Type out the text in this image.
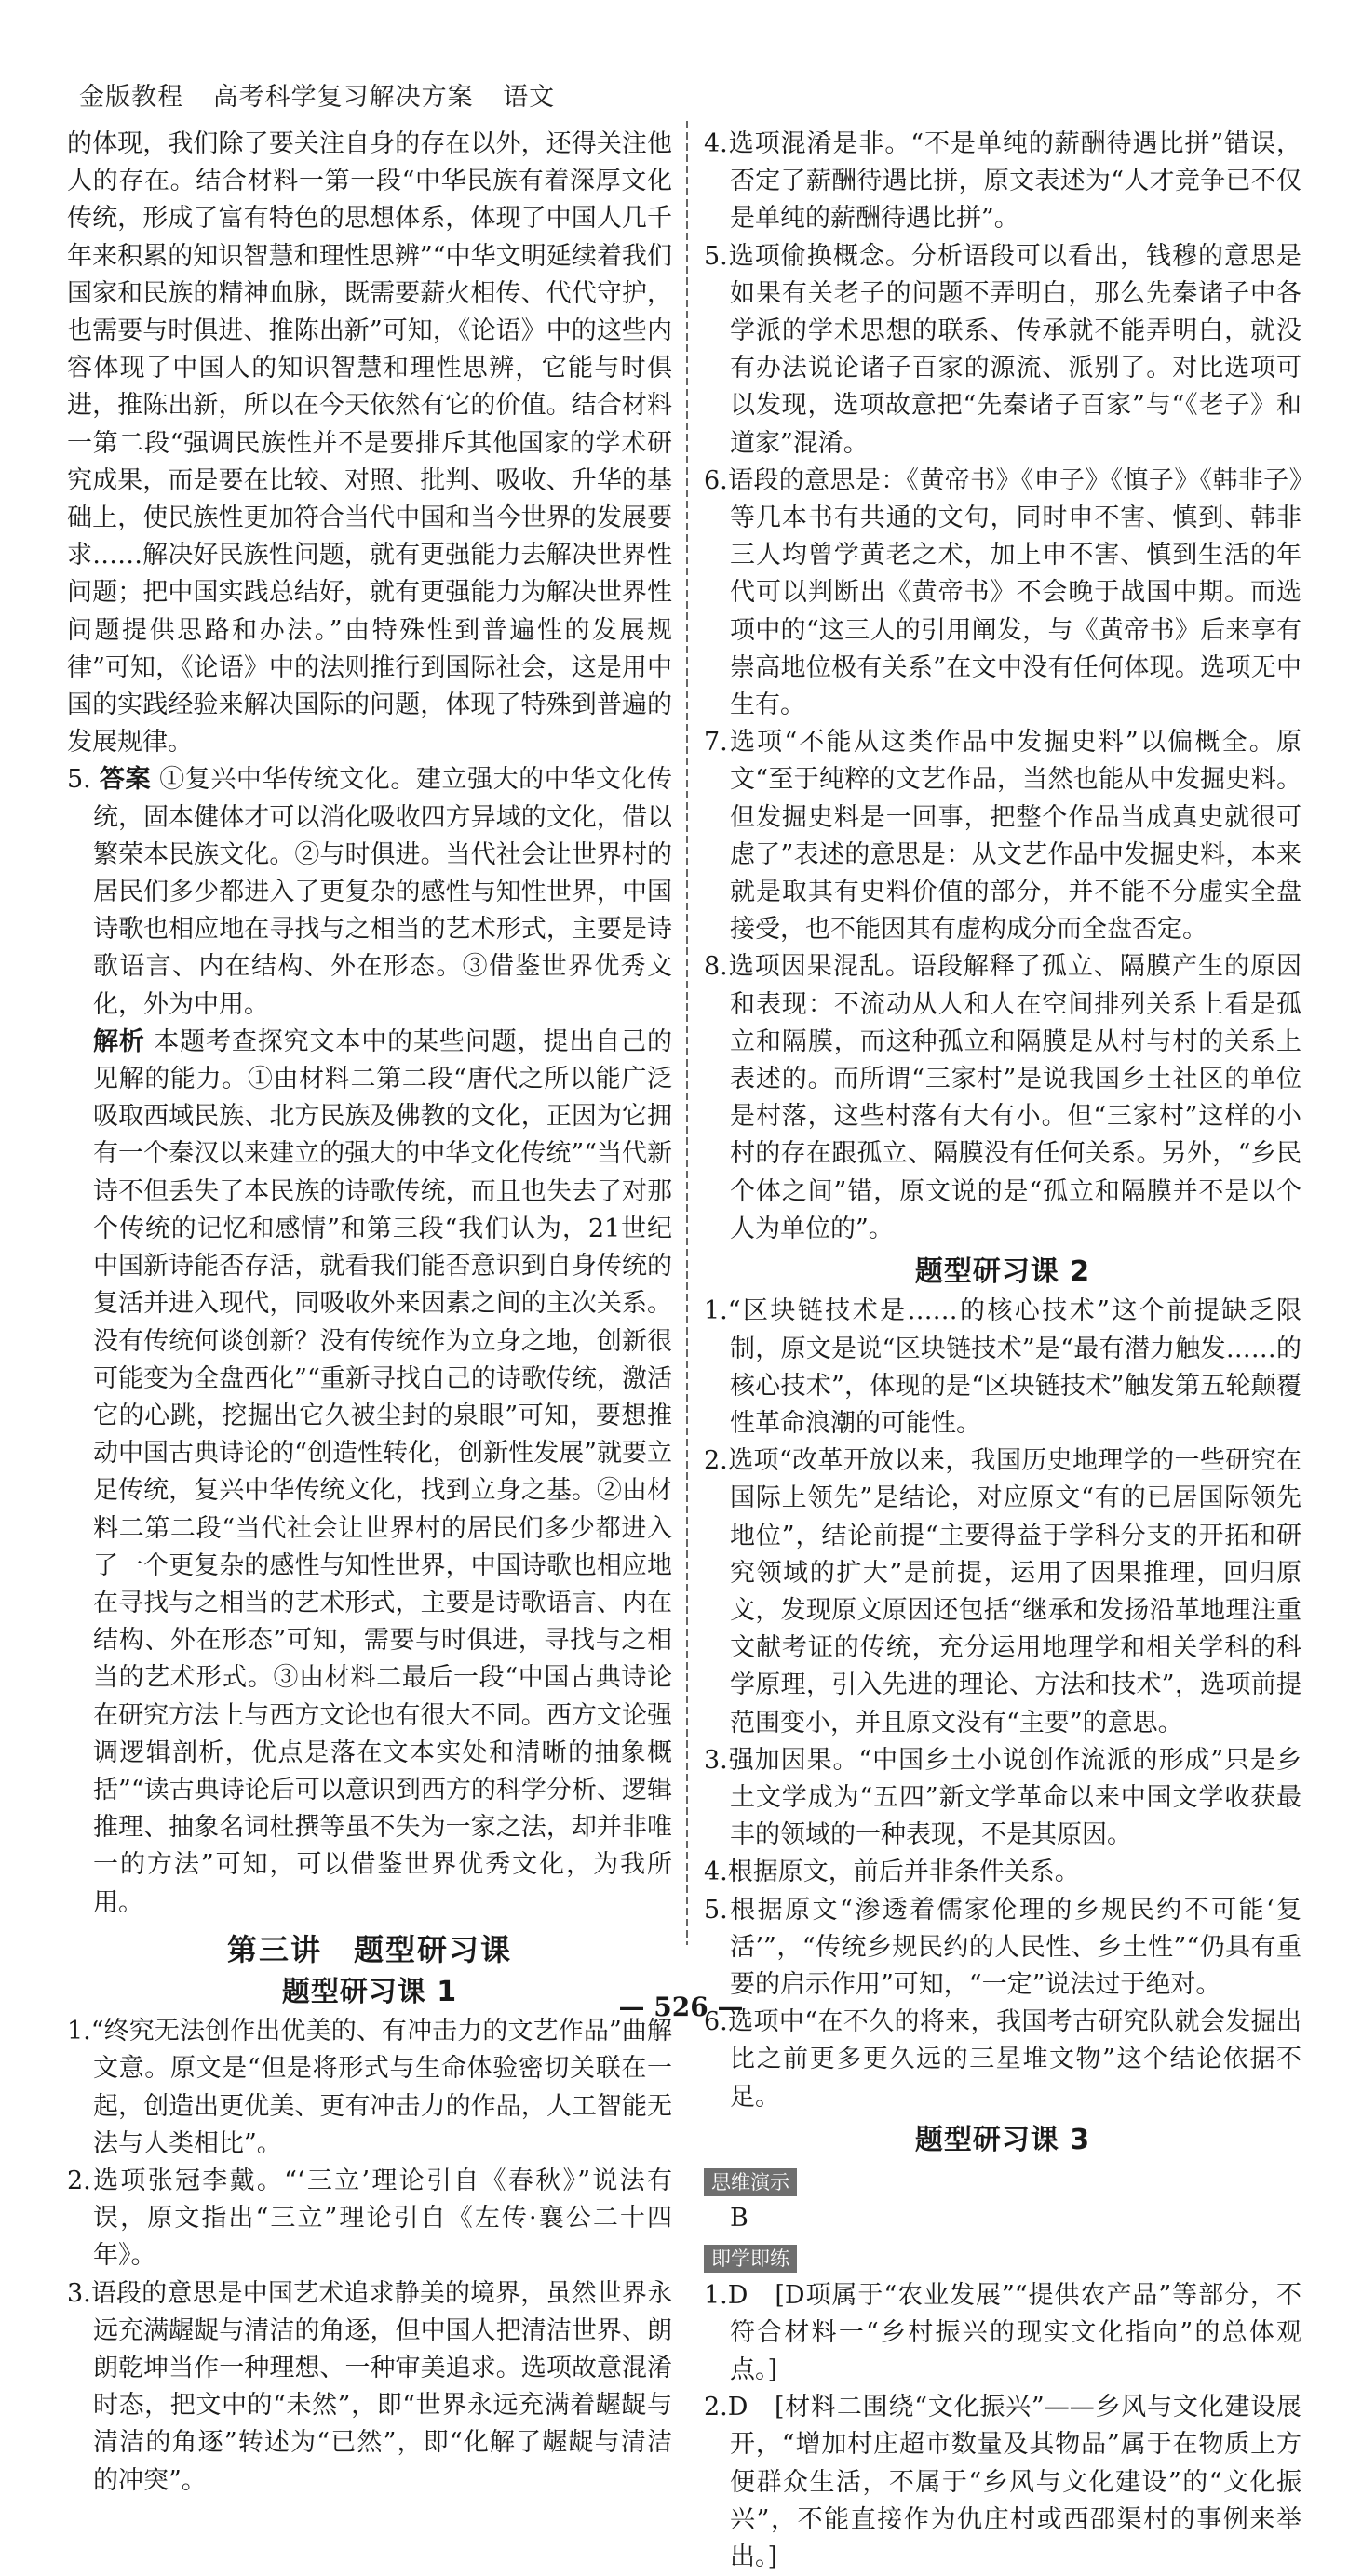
金版教程 高考科学复习解决方案 语文

的体现，我们除了要关注自身的存在以外，还得关注他人的存在。结合材料一第一段“中华民族有着深厚文化传统，形成了富有特色的思想体系，体现了中国人几千年来积累的知识智慧和理性思辨”“中华文明延续着我们国家和民族的精神血脉，既需要薪火相传、代代守护，也需要与时俱进、推陈出新”可知，《论语》中的这些内容体现了中国人的知识智慧和理性思辨，它能与时俱进，推陈出新，所以在今天依然有它的价值。结合材料一第二段“强调民族性并不是要排斥其他国家的学术研究成果，而是要在比较、对照、批判、吸收、升华的基础上，使民族性更加符合当代中国和当今世界的发展要求……解决好民族性问题，就有更强能力去解决世界性问题；把中国实践总结好，就有更强能力为解决世界性问题提供思路和办法。”由特殊性到普遍性的发展规律”可知，《论语》中的法则推行到国际社会，这是用中国的实践经验来解决国际的问题，体现了特殊到普遍的发展规律。

5. 答案 ①复兴中华传统文化。建立强大的中华文化传统，固本健体才可以消化吸收四方异域的文化，借以繁荣本民族文化。②与时俱进。当代社会让世界村的居民们多少都进入了更复杂的感性与知性世界，中国诗歌也相应地在寻找与之相当的艺术形式，主要是诗歌语言、内在结构、外在形态。③借鉴世界优秀文化，外为中用。

解析 本题考查探究文本中的某些问题，提出自己的见解的能力。①由材料二第二段“唐代之所以能广泛吸取西域民族、北方民族及佛教的文化，正因为它拥有一个秦汉以来建立的强大的中华文化传统”“当代新诗不但丢失了本民族的诗歌传统，而且也失去了对那个传统的记忆和感情”和第三段“我们认为，21世纪中国新诗能否存活，就看我们能否意识到自身传统的复活并进入现代，同吸收外来因素之间的主次关系。没有传统何谈创新？没有传统作为立身之地，创新很可能变为全盘西化”“重新寻找自己的诗歌传统，激活它的心跳，挖掘出它久被尘封的泉眼”可知，要想推动中国古典诗论的“创造性转化，创新性发展”就要立足传统，复兴中华传统文化，找到立身之基。②由材料二第二段“当代社会让世界村的居民们多少都进入了一个更复杂的感性与知性世界，中国诗歌也相应地在寻找与之相当的艺术形式，主要是诗歌语言、内在结构、外在形态”可知，需要与时俱进，寻找与之相当的艺术形式。③由材料二最后一段“中国古典诗论在研究方法上与西方文论也有很大不同。西方文论强调逻辑剖析，优点是落在文本实处和清晰的抽象概括”“读古典诗论后可以意识到西方的科学分析、逻辑推理、抽象名词杜撰等虽不失为一家之法，却并非唯一的方法”可知，可以借鉴世界优秀文化，为我所用。

第三讲　题型研习课
题型研习课 1

1.“终究无法创作出优美的、有冲击力的文艺作品”曲解文意。原文是“但是将形式与生命体验密切关联在一起，创造出更优美、更有冲击力的作品，人工智能无法与人类相比”。

2.选项张冠李戴。“‘三立’理论引自《春秋》”说法有误，原文指出“三立”理论引自《左传·襄公二十四年》。

3.语段的意思是中国艺术追求静美的境界，虽然世界永远充满龌龊与清洁的角逐，但中国人把清洁世界、朗朗乾坤当作一种理想、一种审美追求。选项故意混淆时态，把文中的“未然”，即“世界永远充满着龌龊与清洁的角逐”转述为“已然”，即“化解了龌龊与清洁的冲突”。

4.选项混淆是非。“不是单纯的薪酬待遇比拼”错误，否定了薪酬待遇比拼，原文表述为“人才竞争已不仅是单纯的薪酬待遇比拼”。

5.选项偷换概念。分析语段可以看出，钱穆的意思是如果有关老子的问题不弄明白，那么先秦诸子中各学派的学术思想的联系、传承就不能弄明白，就没有办法说论诸子百家的源流、派别了。对比选项可以发现，选项故意把“先秦诸子百家”与“《老子》和道家”混淆。

6.语段的意思是：《黄帝书》《申子》《慎子》《韩非子》等几本书有共通的文句，同时申不害、慎到、韩非三人均曾学黄老之术，加上申不害、慎到生活的年代可以判断出《黄帝书》不会晚于战国中期。而选项中的“这三人的引用阐发，与《黄帝书》后来享有崇高地位极有关系”在文中没有任何体现。选项无中生有。

7.选项“不能从这类作品中发掘史料”以偏概全。原文“至于纯粹的文艺作品，当然也能从中发掘史料。但发掘史料是一回事，把整个作品当成真史就很可虑了”表述的意思是：从文艺作品中发掘史料，本来就是取其有史料价值的部分，并不能不分虚实全盘接受，也不能因其有虚构成分而全盘否定。

8.选项因果混乱。语段解释了孤立、隔膜产生的原因和表现：不流动从人和人在空间排列关系上看是孤立和隔膜，而这种孤立和隔膜是从村与村的关系上表述的。而所谓“三家村”是说我国乡土社区的单位是村落，这些村落有大有小。但“三家村”这样的小村的存在跟孤立、隔膜没有任何关系。另外，“乡民个体之间”错，原文说的是“孤立和隔膜并不是以个人为单位的”。

题型研习课 2

1.“区块链技术是……的核心技术”这个前提缺乏限制，原文是说“区块链技术”是“最有潜力触发……的核心技术”，体现的是“区块链技术”触发第五轮颠覆性革命浪潮的可能性。

2.选项“改革开放以来，我国历史地理学的一些研究在国际上领先”是结论，对应原文“有的已居国际领先地位”，结论前提“主要得益于学科分支的开拓和研究领域的扩大”是前提，运用了因果推理，回归原文，发现原文原因还包括“继承和发扬沿革地理注重文献考证的传统，充分运用地理学和相关学科的科学原理，引入先进的理论、方法和技术”，选项前提范围变小，并且原文没有“主要”的意思。

3.强加因果。“中国乡土小说创作流派的形成”只是乡土文学成为“五四”新文学革命以来中国文学收获最丰的领域的一种表现，不是其原因。

4.根据原文，前后并非条件关系。

5.根据原文“渗透着儒家伦理的乡规民约不可能‘复活’”，“传统乡规民约的人民性、乡土性”“仍具有重要的启示作用”可知，“一定”说法过于绝对。

6.选项中“在不久的将来，我国考古研究队就会发掘出比之前更多更久远的三星堆文物”这个结论依据不足。

题型研习课 3
思维演示

B

即学即练

1.D　[D项属于“农业发展”“提供农产品”等部分，不符合材料一“乡村振兴的现实文化指向”的总体观点。]

2.D　[材料二围绕“文化振兴”——乡风与文化建设展开，“增加村庄超市数量及其物品”属于在物质上方便群众生活，不属于“乡风与文化建设”的“文化振兴”，不能直接作为仇庄村或西邵渠村的事例来举出。]

— 526 —
